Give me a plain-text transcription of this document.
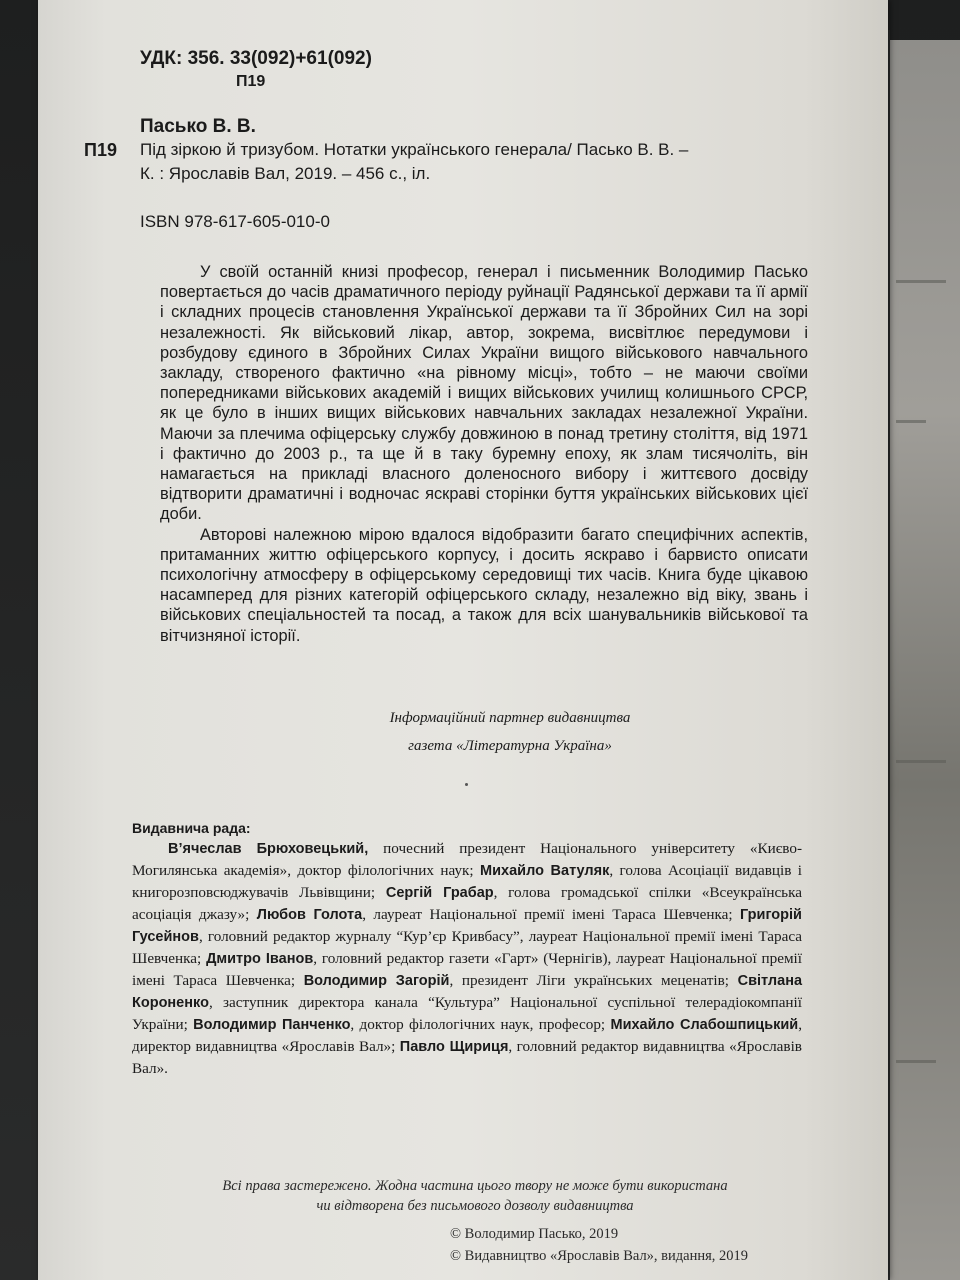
УДК: 356. 33(092)+61(092)
П19
Пасько В. В.
П19 Під зіркою й тризубом. Нотатки українського генерала/ Пасько В. В. –
К. : Ярославів Вал, 2019. – 456 с., іл.
ISBN 978-617-605-010-0

У своїй останній книзі професор, генерал і письменник Володимир Пасько повертається до часів драматичного періоду руйнації Радянської держави та її армії і складних процесів становлення Української держави та її Збройних Сил на зорі незалежності. Як військовий лікар, автор, зокрема, висвітлює передумови і розбудову єдиного в Збройних Силах України вищого військового навчального закладу, створеного фактично «на рівному місці», тобто – не маючи своїми попередниками військових академій і вищих військових училищ колишнього СРСР, як це було в інших вищих військових навчальних закладах незалежної України. Маючи за плечима офіцерську службу довжиною в понад третину століття, від 1971 і фактично до 2003 р., та ще й в таку буремну епоху, як злам тисячоліть, він намагається на прикладі власного доленосного вибору і життєвого досвіду відтворити драматичні і водночас яскраві сторінки буття українських військових цієї доби.

Авторові належною мірою вдалося відобразити багато специфічних аспектів, притаманних життю офіцерського корпусу, і досить яскраво і барвисто описати психологічну атмосферу в офіцерському середовищі тих часів. Книга буде цікавою насамперед для різних категорій офіцерського складу, незалежно від віку, звань і військових спеціальностей та посад, а також для всіх шанувальників військової та вітчизняної історії.

Інформаційний партнер видавництва
газета «Літературна Україна»
Видавнича рада:

В’ячеслав Брюховецький, почесний президент Національного університету «Києво-Могилянська академія», доктор філологічних наук; Михайло Ватуляк, голова Асоціації видавців і книгорозповсюджувачів Львівщини; Сергій Грабар, голова громадської спілки «Всеукраїнська асоціація джазу»; Любов Голота, лауреат Національної премії імені Тараса Шевченка; Григорій Гусейнов, головний редактор журналу “Кур’єр Кривбасу”, лауреат Національної премії імені Тараса Шевченка; Дмитро Іванов, головний редактор газети «Гарт» (Чернігів), лауреат Національної премії імені Тараса Шевченка; Володимир Загорій, президент Ліги українських меценатів; Світлана Короненко, заступник директора канала “Культура” Національної суспільної телерадіокомпанії України; Володимир Панченко, доктор філологічних наук, професор; Михайло Слабошпицький, директор видавництва «Ярославів Вал»; Павло Щириця, головний редактор видавництва «Ярославів Вал».

Всі права застережено. Жодна частина цього твору не може бути використана
чи відтворена без письмового дозволу видавництва
© Володимир Пасько, 2019
© Видавництво «Ярославів Вал», видання, 2019
